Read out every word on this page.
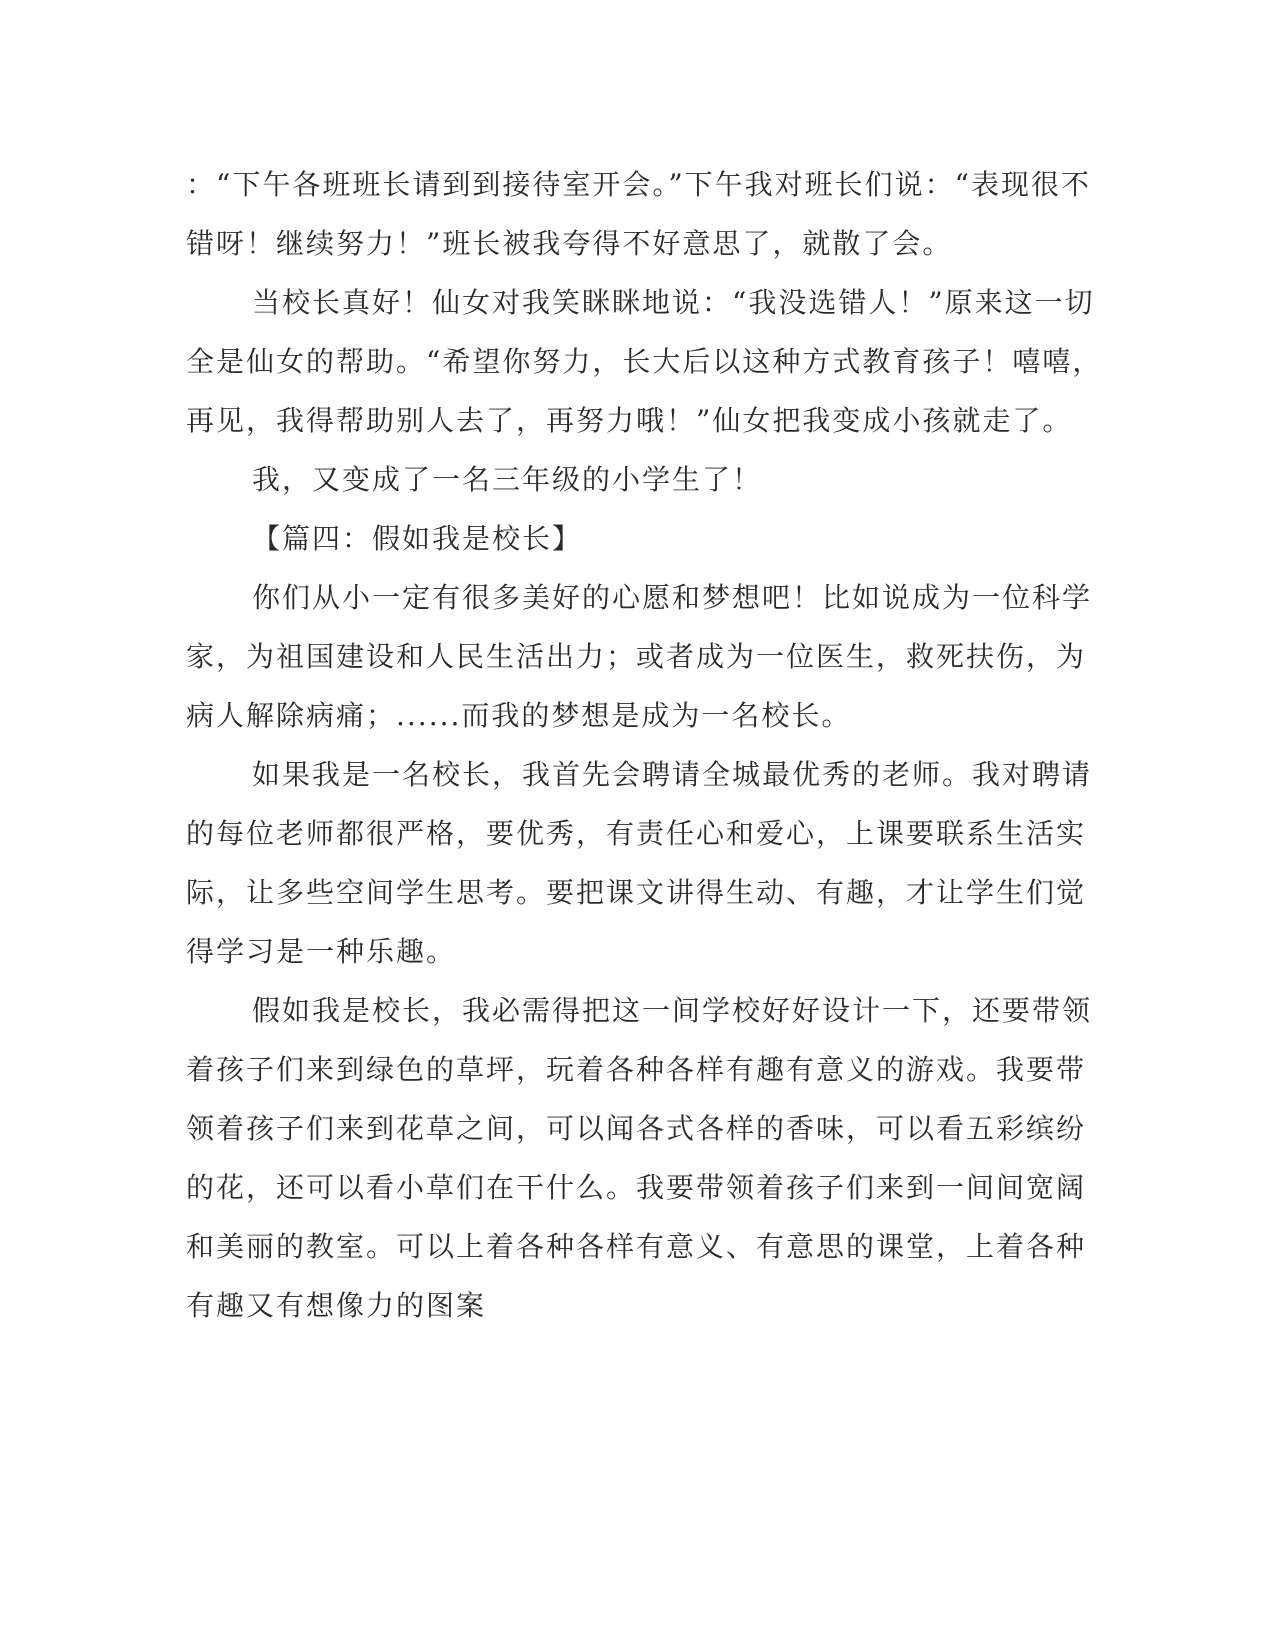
：“下午各班班长请到到接待室开会。”下午我对班长们说：“表现很不
错呀！继续努力！”班长被我夸得不好意思了，就散了会。
当校长真好！仙女对我笑眯眯地说：“我没选错人！”原来这一切
全是仙女的帮助。“希望你努力，长大后以这种方式教育孩子！嘻嘻，
再见，我得帮助别人去了，再努力哦！”仙女把我变成小孩就走了。
我，又变成了一名三年级的小学生了！
【篇四：假如我是校长】
你们从小一定有很多美好的心愿和梦想吧！比如说成为一位科学
家，为祖国建设和人民生活出力；或者成为一位医生，救死扶伤，为
病人解除病痛；......而我的梦想是成为一名校长。
如果我是一名校长，我首先会聘请全城最优秀的老师。我对聘请
的每位老师都很严格，要优秀，有责任心和爱心，上课要联系生活实
际，让多些空间学生思考。要把课文讲得生动、有趣，才让学生们觉
得学习是一种乐趣。
假如我是校长，我必需得把这一间学校好好设计一下，还要带领
着孩子们来到绿色的草坪，玩着各种各样有趣有意义的游戏。我要带
领着孩子们来到花草之间，可以闻各式各样的香味，可以看五彩缤纷
的花，还可以看小草们在干什么。我要带领着孩子们来到一间间宽阔
和美丽的教室。可以上着各种各样有意义、有意思的课堂，上着各种
有趣又有想像力的图案
